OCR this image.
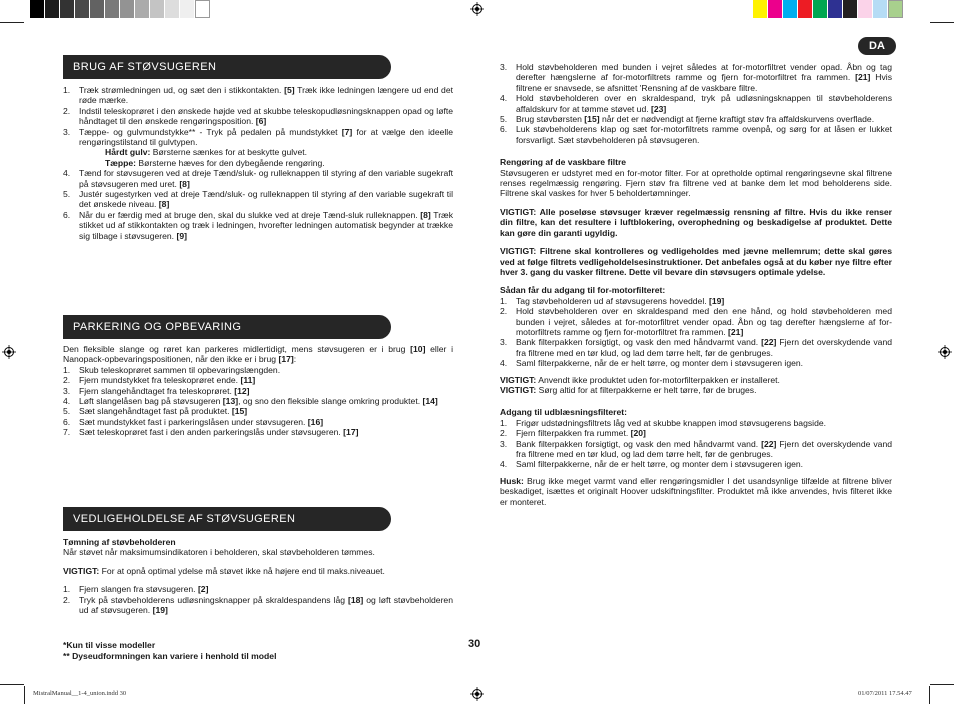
DA
BRUG AF STØVSUGEREN
1. Træk strømledningen ud, og sæt den i stikkontakten. [5] Træk ikke ledningen længere ud end det røde mærke.
2. Indstil teleskoprøret i den ønskede højde ved at skubbe teleskopudløsningsknappen opad og løfte håndtaget til den ønskede rengøringsposition. [6]
3. Tæppe- og gulvmundstykke** - Tryk på pedalen på mundstykket [7] for at vælge den ideelle rengøringstilstand til gulvtypen.
Hårdt gulv: Børsterne sænkes for at beskytte gulvet.
Tæppe: Børsterne hæves for den dybegående rengøring.
4. Tænd for støvsugeren ved at dreje Tænd/sluk- og rulleknappen til styring af den variable sugekraft på støvsugeren med uret. [8]
5. Justér sugestyrken ved at dreje Tænd/sluk- og rulleknappen til styring af den variable sugekraft til det ønskede niveau. [8]
6. Når du er færdig med at bruge den, skal du slukke ved at dreje Tænd-sluk rulleknappen. [8] Træk stikket ud af stikkontakten og træk i ledningen, hvorefter ledningen automatisk begynder at trække sig tilbage i støvsugeren. [9]
PARKERING OG OPBEVARING

Den fleksible slange og røret kan parkeres midlertidigt, mens støvsugeren er i brug [10] eller i Nanopack-opbevaringspositionen, når den ikke er i brug [17]:

1. Skub teleskoprøret sammen til opbevaringslængden.
2. Fjern mundstykket fra teleskoprøret ende. [11]
3. Fjern slangehåndtaget fra teleskoprøret. [12]
4. Løft slangelåsen bag på støvsugeren [13], og sno den fleksible slange omkring produktet. [14]
5. Sæt slangehåndtaget fast på produktet. [15]
6. Sæt mundstykket fast i parkeringslåsen under støvsugeren. [16]
7. Sæt teleskoprøret fast i den anden parkeringslås under støvsugeren. [17]
VEDLIGEHOLDELSE AF STØVSUGEREN

Tømning af støvbeholderen

Når støvet når maksimumsindikatoren i beholderen, skal støvbeholderen tømmes.

VIGTIGT: For at opnå optimal ydelse må støvet ikke nå højere end til maks.niveauet.

1. Fjern slangen fra støvsugeren. [2]
2. Tryk på støvbeholderens udløsningsknapper på skraldespandens låg [18] og løft støvbeholderen ud af støvsugeren. [19]
*Kun til visse modeller
** Dyseudformningen kan variere i henhold til model
30
3. Hold støvbeholderen med bunden i vejret således at for-motorfiltret vender opad. Åbn og tag derefter hængslerne af for-motorfiltrets ramme og fjern for-motorfiltret fra rammen. [21] Hvis filtrene er snavsede, se afsnittet 'Rensning af de vaskbare filtre.
4. Hold støvbeholderen over en skraldespand, tryk på udløsningsknappen til støvbeholderens affaldskurv for at tømme støvet ud. [23]
5. Brug støvbørsten [15] når det er nødvendigt at fjerne kraftigt støv fra affaldskurvens overflade.
6. Luk støvbeholderens klap og sæt for-motorfiltrets ramme ovenpå, og sørg for at låsen er lukket forsvarligt. Sæt støvbeholderen på støvsugeren.

Rengøring af de vaskbare filtre

Støvsugeren er udstyret med en for-motor filter. For at opretholde optimal rengøringsevne skal filtrene renses regelmæssig rengøring. Fjern støv fra filtrene ved at banke dem let mod beholderens side. Filtrene skal vaskes for hver 5 beholdertømninger.

VIGTIGT: Alle poseløse støvsuger kræver regelmæssig rensning af filtre. Hvis du ikke renser din filtre, kan det resultere i luftblokering, overophedning og beskadigelse af produktet. Dette kan gøre din garanti ugyldig.

VIGTIGT: Filtrene skal kontrolleres og vedligeholdes med jævne mellemrum; dette skal gøres ved at følge filtrets vedligeholdelsesinstruktioner. Det anbefales også at du køber nye filtre efter hver 3. gang du vasker filtrene. Dette vil bevare din støvsugers optimale ydelse.

Sådan får du adgang til for-motorfilteret:

1. Tag støvbeholderen ud af støvsugerens hoveddel. [19]
2. Hold støvbeholderen over en skraldespand med den ene hånd, og hold støvbeholderen med bunden i vejret, således at for-motorfiltret vender opad. Åbn og tag derefter hængslerne af for-motorfiltrets ramme og fjern for-motorfiltret fra rammen. [21]
3. Bank filterpakken forsigtigt, og vask den med håndvarmt vand. [22] Fjern det overskydende vand fra filtrene med en tør klud, og lad dem tørre helt, før de genbruges.
4. Saml filterpakkerne, når de er helt tørre, og monter dem i støvsugeren igen.

VIGTIGT: Anvendt ikke produktet uden for-motorfilterpakken er installeret.

VIGTIGT: Sørg altid for at filterpakkerne er helt tørre, før de bruges.

Adgang til udblæsningsfilteret:

1. Frigør udstødningsfiltrets låg ved at skubbe knappen imod støvsugerens bagside.
2. Fjern filterpakken fra rummet. [20]
3. Bank filterpakken forsigtigt, og vask den med håndvarmt vand. [22] Fjern det overskydende vand fra filtrene med en tør klud, og lad dem tørre helt, før de genbruges.
4. Saml filterpakkerne, når de er helt tørre, og monter dem i støvsugeren igen.

Husk: Brug ikke meget varmt vand eller rengøringsmidler I det usandsynlige tilfælde at filtrene bliver beskadiget, isættes et originalt Hoover udskiftningsfilter. Produktet må ikke anvendes, hvis filteret ikke er monteret.

MistralManual__1-4_union.indd 30	01/07/2011 17.54.47
